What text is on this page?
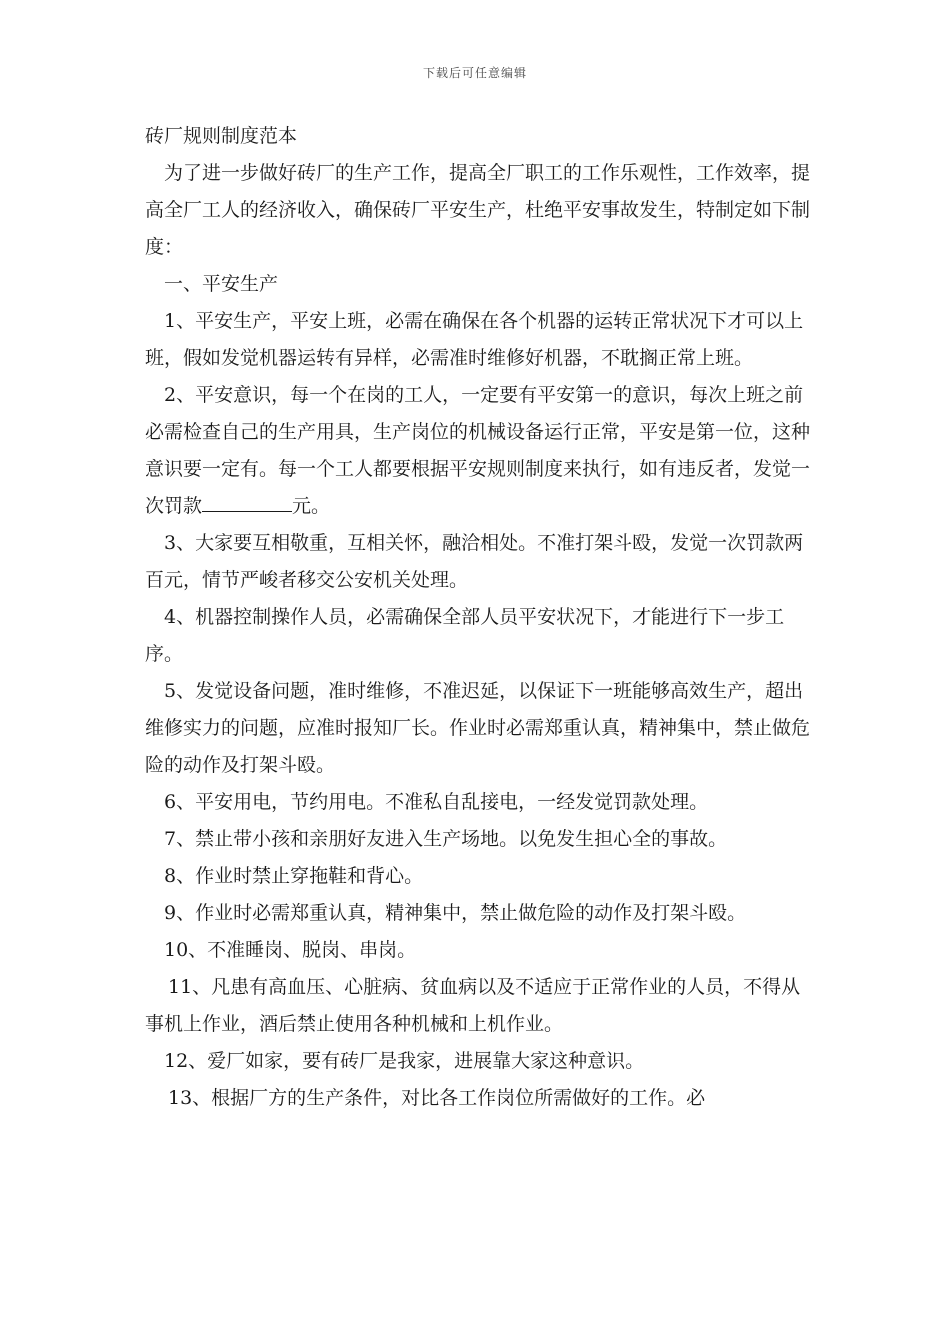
下载后可任意编辑

砖厂规则制度范本

为了进一步做好砖厂的生产工作，提高全厂职工的工作乐观性，工作效率，提高全厂工人的经济收入，确保砖厂平安生产，杜绝平安事故发生，特制定如下制度：

一、平安生产

1、平安生产，平安上班，必需在确保在各个机器的运转正常状况下才可以上班，假如发觉机器运转有异样，必需准时维修好机器，不耽搁正常上班。

2、平安意识，每一个在岗的工人，一定要有平安第一的意识，每次上班之前必需检查自己的生产用具，生产岗位的机械设备运行正常，平安是第一位，这种意识要一定有。每一个工人都要根据平安规则制度来执行，如有违反者，发觉一次罚款	元。

3、大家要互相敬重，互相关怀，融洽相处。不准打架斗殴，发觉一次罚款两百元，情节严峻者移交公安机关处理。

4、机器控制操作人员，必需确保全部人员平安状况下，才能进行下一步工序。

5、发觉设备问题，准时维修，不准迟延，以保证下一班能够高效生产，超出维修实力的问题，应准时报知厂长。作业时必需郑重认真，精神集中，禁止做危险的动作及打架斗殴。

6、平安用电，节约用电。不准私自乱接电，一经发觉罚款处理。

7、禁止带小孩和亲朋好友进入生产场地。以免发生担心全的事故。

8、作业时禁止穿拖鞋和背心。

9、作业时必需郑重认真，精神集中，禁止做危险的动作及打架斗殴。

10、不准睡岗、脱岗、串岗。

11、凡患有高血压、心脏病、贫血病以及不适应于正常作业的人员，不得从事机上作业，酒后禁止使用各种机械和上机作业。

12、爱厂如家，要有砖厂是我家，进展靠大家这种意识。

13、根据厂方的生产条件，对比各工作岗位所需做好的工作。必
